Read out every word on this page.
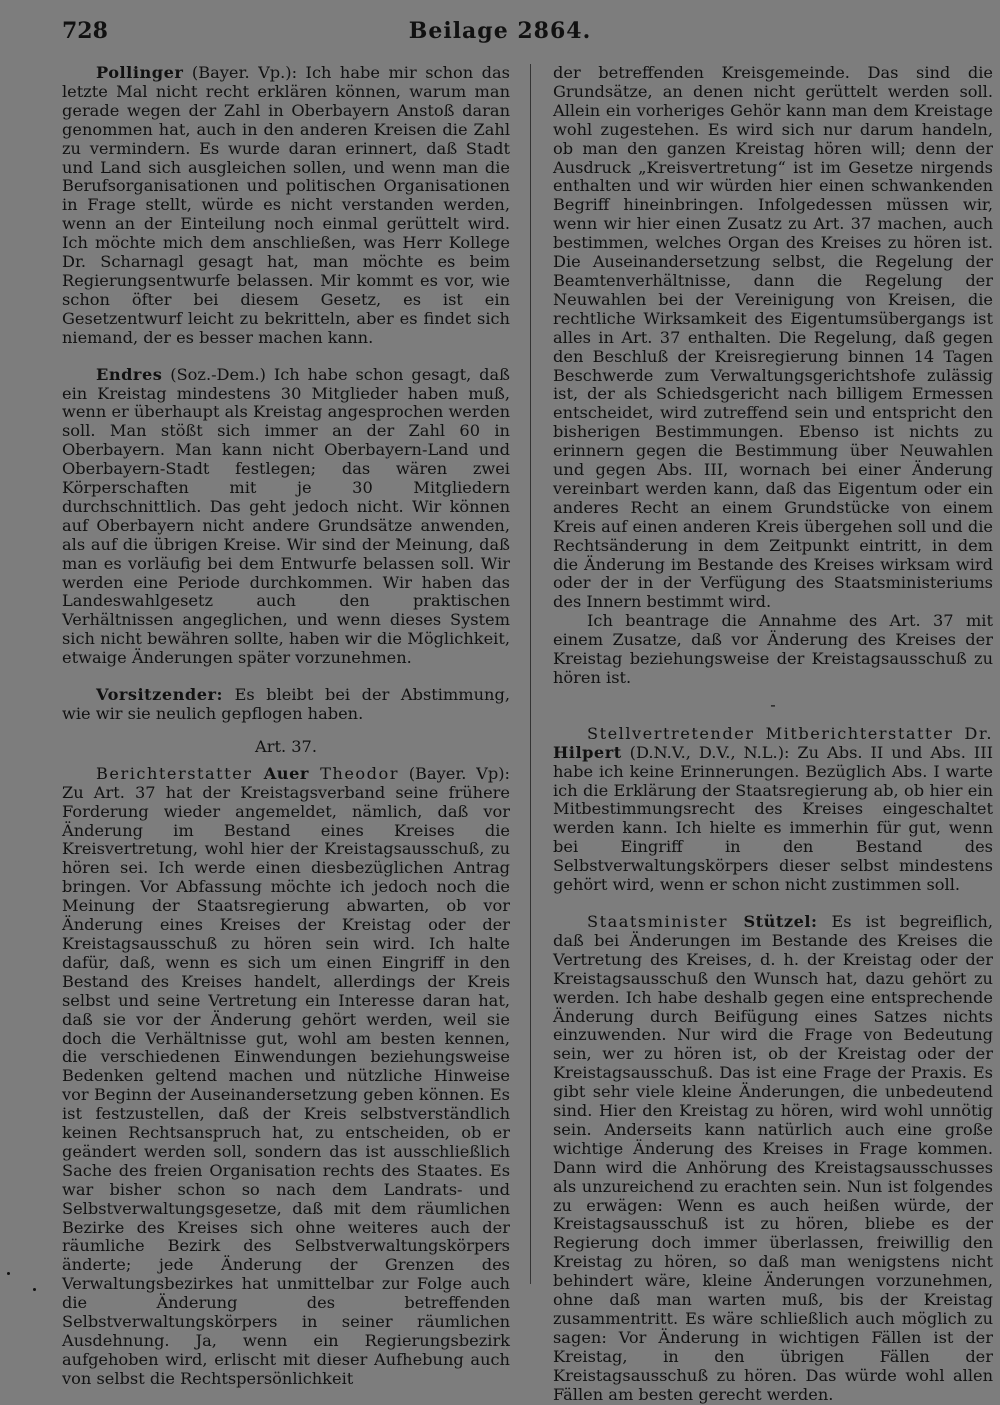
728	Beilage 2864.

Pollinger (Bayer. Vp.): Ich habe mir schon das letzte Mal nicht recht erklären können, warum man gerade wegen der Zahl in Oberbayern Anstoß daran genommen hat, auch in den anderen Kreisen die Zahl zu vermindern. Es wurde daran erinnert, daß Stadt und Land sich ausgleichen sollen, und wenn man die Berufsorganisationen und politischen Organisationen in Frage stellt, würde es nicht verstanden werden, wenn an der Einteilung noch einmal gerüttelt wird. Ich möchte mich dem anschließen, was Herr Kollege Dr. Scharnagl gesagt hat, man möchte es beim Regierungsentwurfe belassen. Mir kommt es vor, wie schon öfter bei diesem Gesetz, es ist ein Gesetzentwurf leicht zu bekritteln, aber es findet sich niemand, der es besser machen kann.

Endres (Soz.-Dem.) Ich habe schon gesagt, daß ein Kreistag mindestens 30 Mitglieder haben muß, wenn er überhaupt als Kreistag angesprochen werden soll. Man stößt sich immer an der Zahl 60 in Oberbayern. Man kann nicht Oberbayern-Land und Oberbayern-Stadt festlegen; das wären zwei Körperschaften mit je 30 Mitgliedern durchschnittlich. Das geht jedoch nicht. Wir können auf Oberbayern nicht andere Grundsätze anwenden, als auf die übrigen Kreise. Wir sind der Meinung, daß man es vorläufig bei dem Entwurfe belassen soll. Wir werden eine Periode durchkommen. Wir haben das Landeswahlgesetz auch den praktischen Verhältnissen angeglichen, und wenn dieses System sich nicht bewähren sollte, haben wir die Möglichkeit, etwaige Änderungen später vorzunehmen.

Vorsitzender: Es bleibt bei der Abstimmung, wie wir sie neulich gepflogen haben.

Art. 37.

Berichterstatter Auer Theodor (Bayer. Vp): Zu Art. 37 hat der Kreistagsverband seine frühere Forderung wieder angemeldet, nämlich, daß vor Änderung im Bestand eines Kreises die Kreisvertretung, wohl hier der Kreistagsausschuß, zu hören sei. Ich werde einen diesbezüglichen Antrag bringen. Vor Abfassung möchte ich jedoch noch die Meinung der Staatsregierung abwarten, ob vor Änderung eines Kreises der Kreistag oder der Kreistagsausschuß zu hören sein wird. Ich halte dafür, daß, wenn es sich um einen Eingriff in den Bestand des Kreises handelt, allerdings der Kreis selbst und seine Vertretung ein Interesse daran hat, daß sie vor der Änderung gehört werden, weil sie doch die Verhältnisse gut, wohl am besten kennen, die verschiedenen Einwendungen beziehungsweise Bedenken geltend machen und nützliche Hinweise vor Beginn der Auseinandersetzung geben können. Es ist festzustellen, daß der Kreis selbstverständlich keinen Rechtsanspruch hat, zu entscheiden, ob er geändert werden soll, sondern das ist ausschließlich Sache des freien Organisation rechts des Staates. Es war bisher schon so nach dem Landrats- und Selbstverwaltungsgesetze, daß mit dem räumlichen Bezirke des Kreises sich ohne weiteres auch der räumliche Bezirk des Selbstverwaltungskörpers änderte; jede Änderung der Grenzen des Verwaltungsbezirkes hat unmittelbar zur Folge auch die Änderung des betreffenden Selbstverwaltungskörpers in seiner räumlichen Ausdehnung. Ja, wenn ein Regierungsbezirk aufgehoben wird, erlischt mit dieser Aufhebung auch von selbst die Rechtspersönlichkeit

der betreffenden Kreisgemeinde. Das sind die Grundsätze, an denen nicht gerüttelt werden soll. Allein ein vorheriges Gehör kann man dem Kreistage wohl zugestehen. Es wird sich nur darum handeln, ob man den ganzen Kreistag hören will; denn der Ausdruck „Kreisvertretung“ ist im Gesetze nirgends enthalten und wir würden hier einen schwankenden Begriff hineinbringen. Infolgedessen müssen wir, wenn wir hier einen Zusatz zu Art. 37 machen, auch bestimmen, welches Organ des Kreises zu hören ist. Die Auseinandersetzung selbst, die Regelung der Beamtenverhältnisse, dann die Regelung der Neuwahlen bei der Vereinigung von Kreisen, die rechtliche Wirksamkeit des Eigentumsübergangs ist alles in Art. 37 enthalten. Die Regelung, daß gegen den Beschluß der Kreisregierung binnen 14 Tagen Beschwerde zum Verwaltungsgerichtshofe zulässig ist, der als Schiedsgericht nach billigem Ermessen entscheidet, wird zutreffend sein und entspricht den bisherigen Bestimmungen. Ebenso ist nichts zu erinnern gegen die Bestimmung über Neuwahlen und gegen Abs. III, wornach bei einer Änderung vereinbart werden kann, daß das Eigentum oder ein anderes Recht an einem Grundstücke von einem Kreis auf einen anderen Kreis übergehen soll und die Rechtsänderung in dem Zeitpunkt eintritt, in dem die Änderung im Bestande des Kreises wirksam wird oder der in der Verfügung des Staatsministeriums des Innern bestimmt wird.

Ich beantrage die Annahme des Art. 37 mit einem Zusatze, daß vor Änderung des Kreises der Kreistag beziehungsweise der Kreistagsausschuß zu hören ist.

-

Stellvertretender Mitberichterstatter Dr. Hilpert (D.N.V., D.V., N.L.): Zu Abs. II und Abs. III habe ich keine Erinnerungen. Bezüglich Abs. I warte ich die Erklärung der Staatsregierung ab, ob hier ein Mitbestimmungsrecht des Kreises eingeschaltet werden kann. Ich hielte es immerhin für gut, wenn bei Eingriff in den Bestand des Selbstverwaltungskörpers dieser selbst mindestens gehört wird, wenn er schon nicht zustimmen soll.

Staatsminister Stützel: Es ist begreiflich, daß bei Änderungen im Bestande des Kreises die Vertretung des Kreises, d. h. der Kreistag oder der Kreistagsausschuß den Wunsch hat, dazu gehört zu werden. Ich habe deshalb gegen eine entsprechende Änderung durch Beifügung eines Satzes nichts einzuwenden. Nur wird die Frage von Bedeutung sein, wer zu hören ist, ob der Kreistag oder der Kreistagsausschuß. Das ist eine Frage der Praxis. Es gibt sehr viele kleine Änderungen, die unbedeutend sind. Hier den Kreistag zu hören, wird wohl unnötig sein. Anderseits kann natürlich auch eine große wichtige Änderung des Kreises in Frage kommen. Dann wird die Anhörung des Kreistagsausschusses als unzureichend zu erachten sein. Nun ist folgendes zu erwägen: Wenn es auch heißen würde, der Kreistagsausschuß ist zu hören, bliebe es der Regierung doch immer überlassen, freiwillig den Kreistag zu hören, so daß man wenigstens nicht behindert wäre, kleine Änderungen vorzunehmen, ohne daß man warten muß, bis der Kreistag zusammentritt. Es wäre schließlich auch möglich zu sagen: Vor Änderung in wichtigen Fällen ist der Kreistag, in den übrigen Fällen der Kreistagsausschuß zu hören. Das würde wohl allen Fällen am besten gerecht werden.
